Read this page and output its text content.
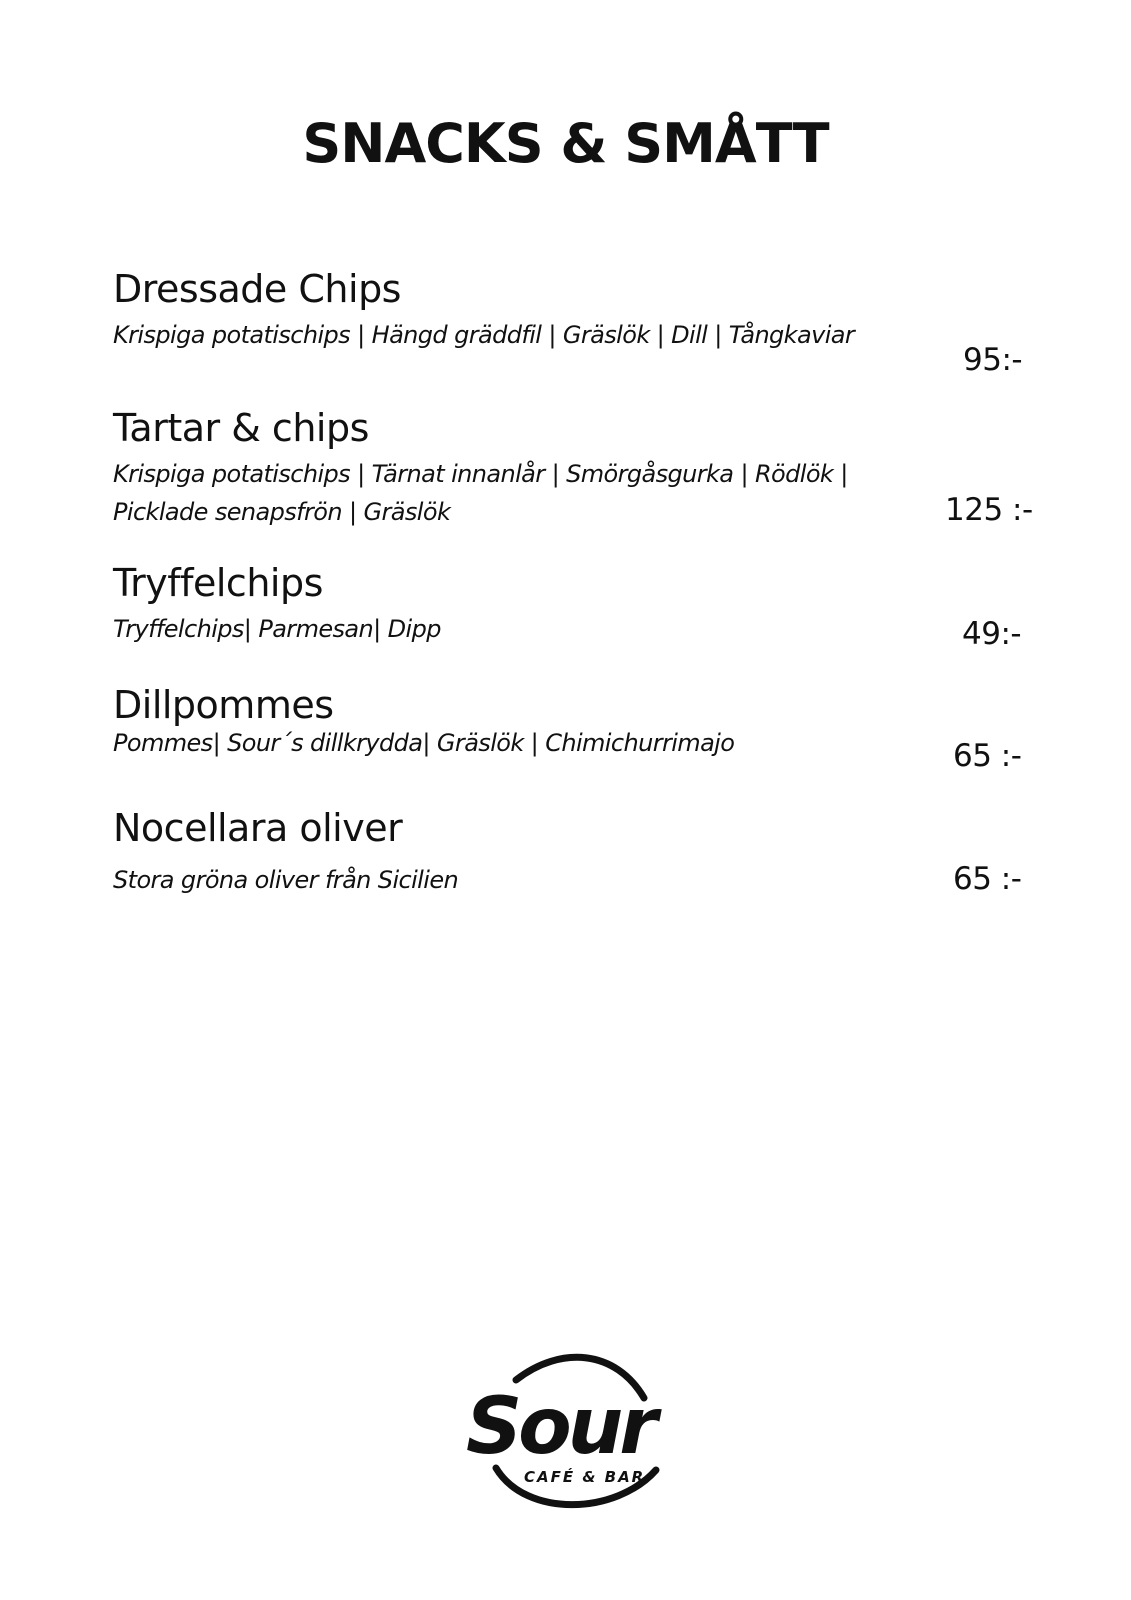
SNACKS & SMÅTT
Dressade Chips
Krispiga potatischips | Hängd gräddfil | Gräslök | Dill | Tångkaviar
95:-
Tartar & chips
Krispiga potatischips | Tärnat innanlår | Smörgåsgurka | Rödlök | Picklade senapsfrön | Gräslök	125 :-
Tryffelchips
Tryffelchips| Parmesan| Dipp	49:-
Dillpommes
Pommes| Sour´s dillkrydda| Gräslök | Chimichurrimajo	65 :-
Nocellara oliver
Stora gröna oliver från Sicilien	65 :-
Sour
CAFÉ & BAR
